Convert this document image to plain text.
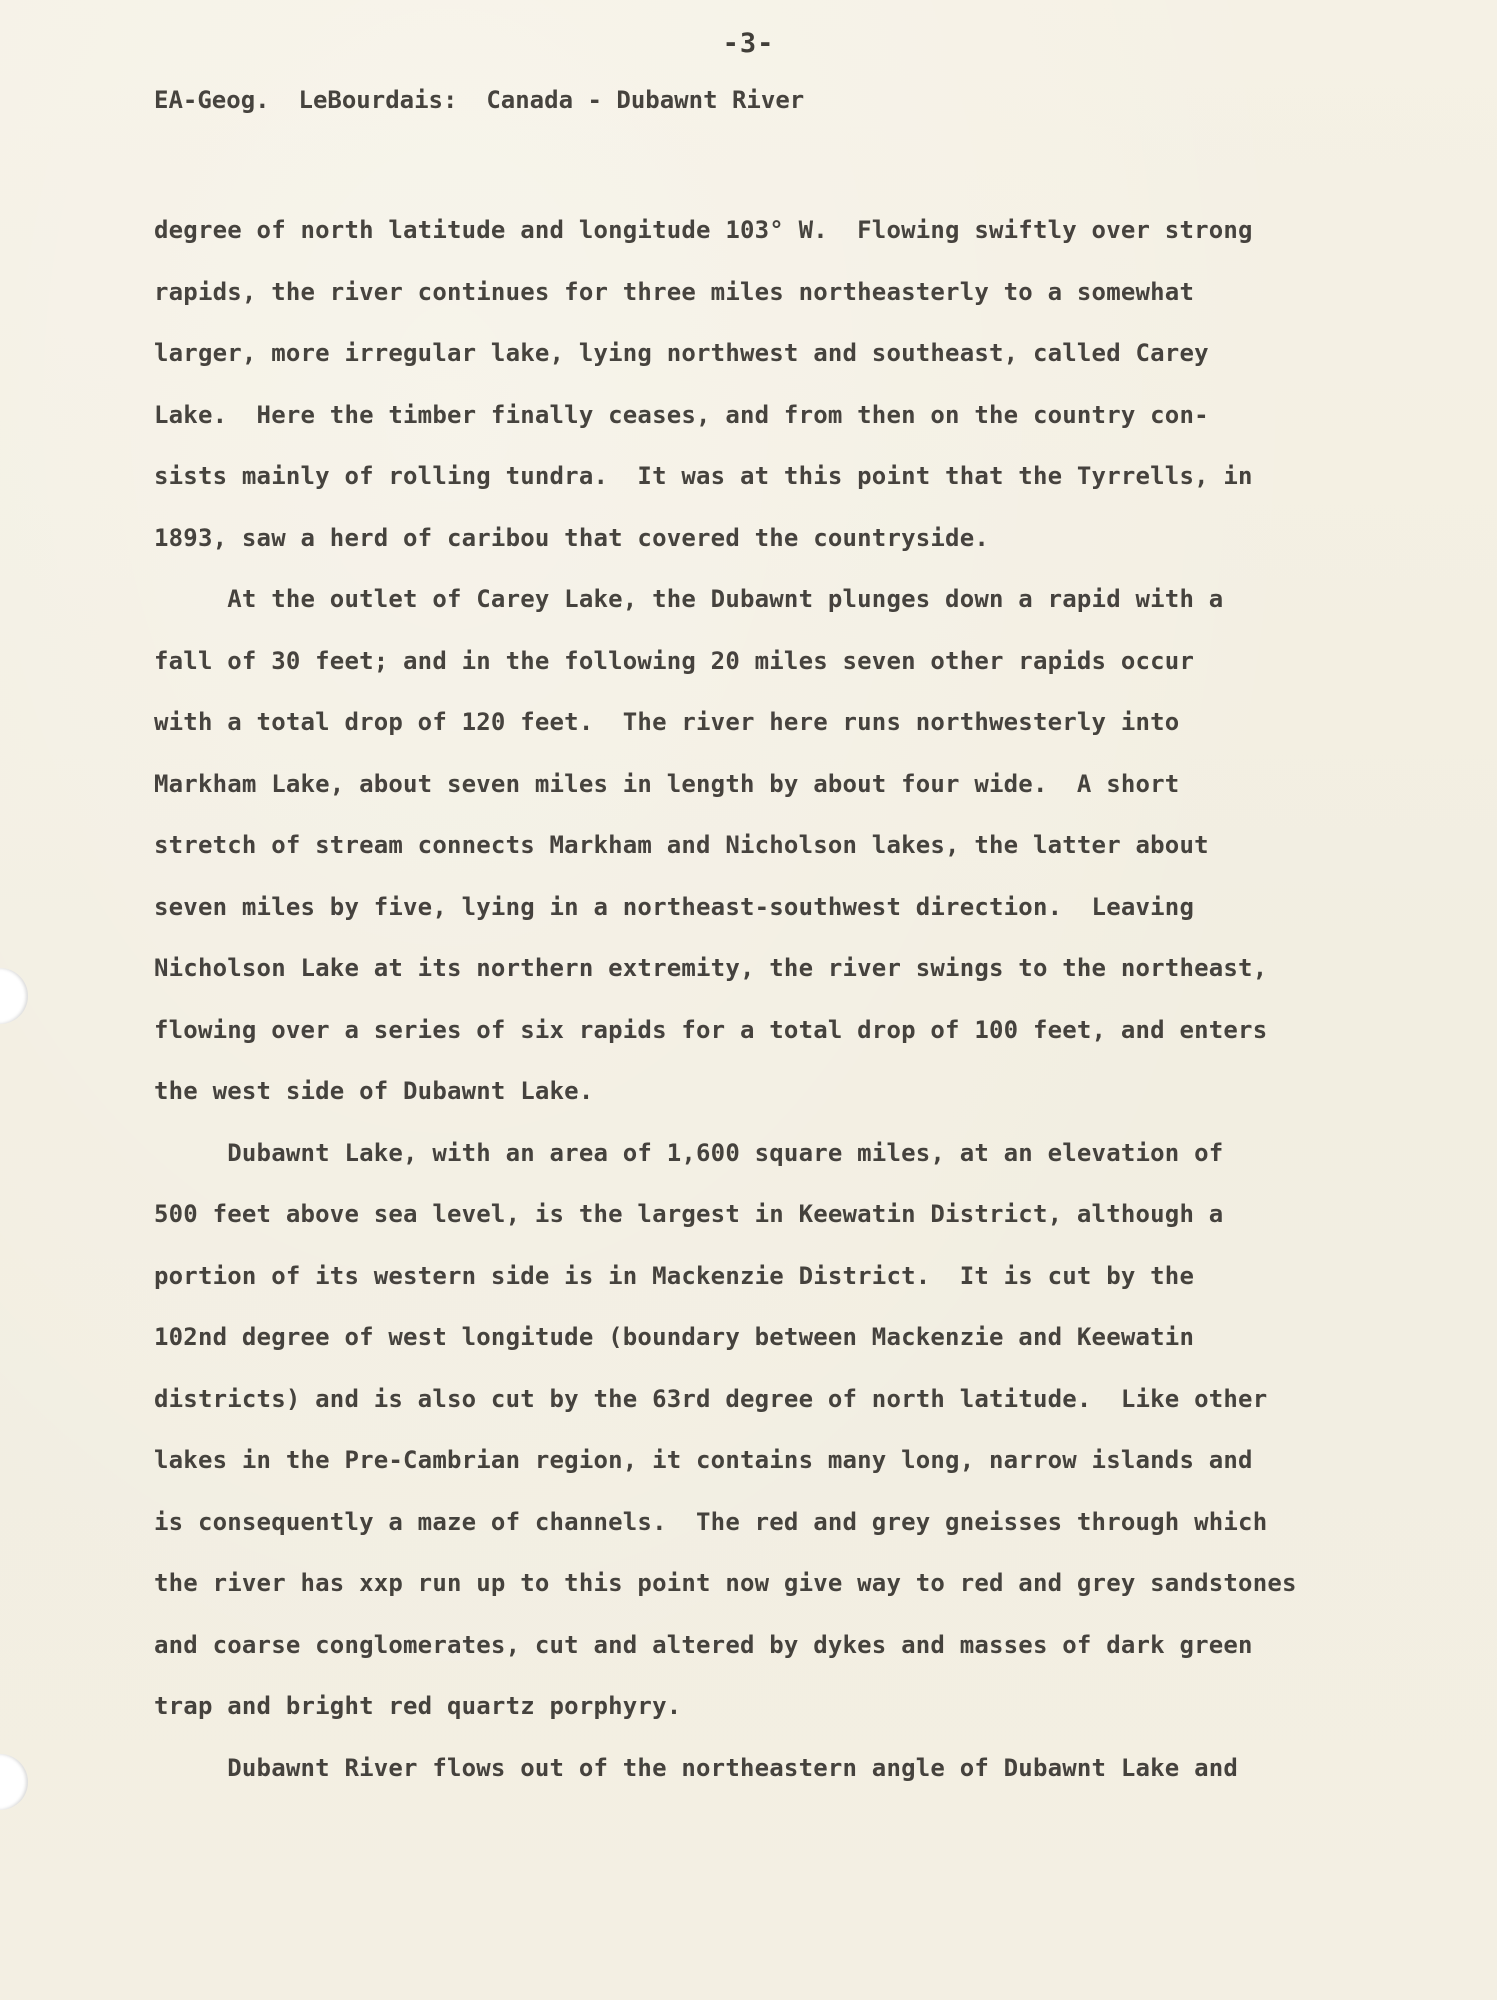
-3-
EA-Geog.  LeBourdais:  Canada - Dubawnt River
degree of north latitude and longitude 103° W.  Flowing swiftly over strong
rapids, the river continues for three miles northeasterly to a somewhat
larger, more irregular lake, lying northwest and southeast, called Carey
Lake.  Here the timber finally ceases, and from then on the country con-
sists mainly of rolling tundra.  It was at this point that the Tyrrells, in
1893, saw a herd of caribou that covered the countryside.
At the outlet of Carey Lake, the Dubawnt plunges down a rapid with a
fall of 30 feet; and in the following 20 miles seven other rapids occur
with a total drop of 120 feet.  The river here runs northwesterly into
Markham Lake, about seven miles in length by about four wide.  A short
stretch of stream connects Markham and Nicholson lakes, the latter about
seven miles by five, lying in a northeast-southwest direction.  Leaving
Nicholson Lake at its northern extremity, the river swings to the northeast,
flowing over a series of six rapids for a total drop of 100 feet, and enters
the west side of Dubawnt Lake.
Dubawnt Lake, with an area of 1,600 square miles, at an elevation of
500 feet above sea level, is the largest in Keewatin District, although a
portion of its western side is in Mackenzie District.  It is cut by the
102nd degree of west longitude (boundary between Mackenzie and Keewatin
districts) and is also cut by the 63rd degree of north latitude.  Like other
lakes in the Pre-Cambrian region, it contains many long, narrow islands and
is consequently a maze of channels.  The red and grey gneisses through which
the river has xxp run up to this point now give way to red and grey sandstones
and coarse conglomerates, cut and altered by dykes and masses of dark green
trap and bright red quartz porphyry.
Dubawnt River flows out of the northeastern angle of Dubawnt Lake and
